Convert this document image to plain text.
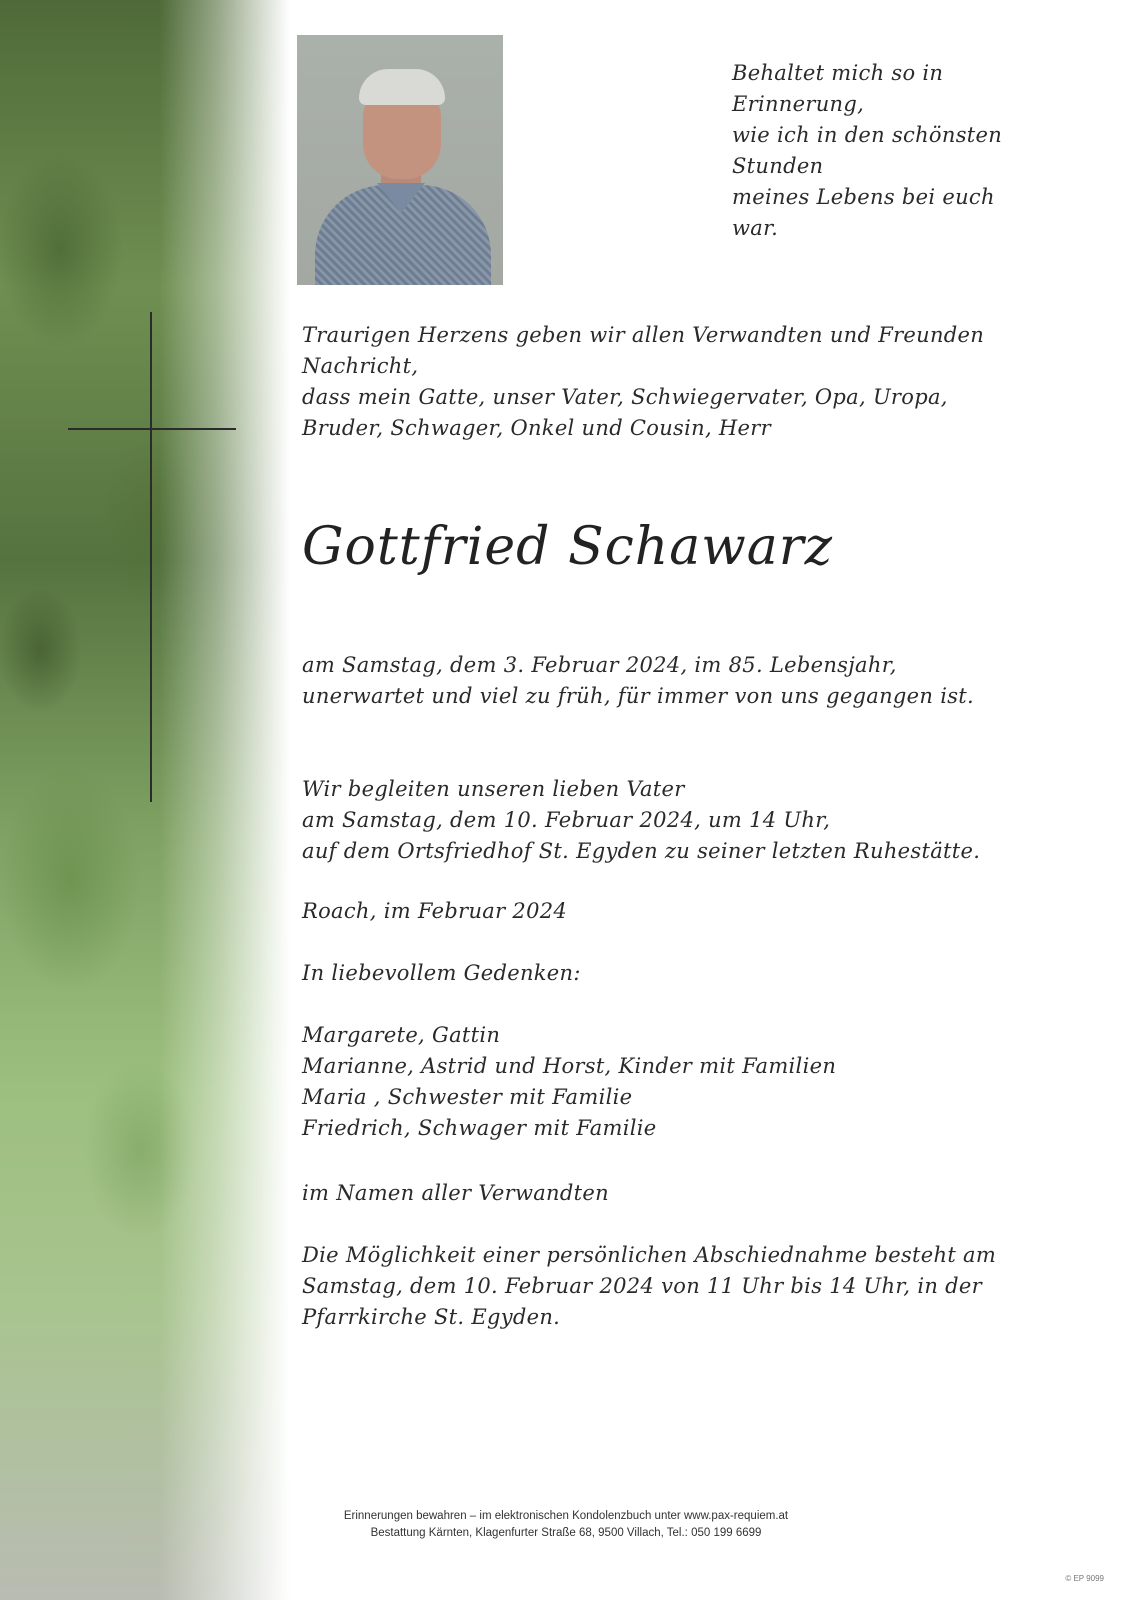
Behaltet mich so in
Erinnerung,
wie ich in den schönsten
Stunden
meines Lebens bei euch
war.
Traurigen Herzens geben wir allen Verwandten und Freunden
Nachricht,
dass mein Gatte, unser Vater, Schwiegervater, Opa, Uropa,
Bruder, Schwager, Onkel und Cousin, Herr
Gottfried Schawarz
am Samstag, dem 3. Februar 2024, im 85. Lebensjahr,
unerwartet und viel zu früh, für immer von uns gegangen ist.
Wir begleiten unseren lieben Vater
am Samstag, dem 10. Februar 2024, um 14 Uhr,
auf dem Ortsfriedhof St. Egyden zu seiner letzten Ruhestätte.
Roach, im Februar 2024
In liebevollem Gedenken:
Margarete, Gattin
Marianne, Astrid und Horst, Kinder mit Familien
Maria , Schwester mit Familie
Friedrich, Schwager mit Familie
im Namen aller Verwandten
Die Möglichkeit einer persönlichen Abschiednahme besteht am
Samstag, dem 10. Februar 2024 von 11 Uhr bis 14 Uhr, in der
Pfarrkirche St. Egyden.
Erinnerungen bewahren – im elektronischen Kondolenzbuch unter www.pax-requiem.at
Bestattung Kärnten, Klagenfurter Straße 68, 9500 Villach, Tel.: 050 199 6699
© EP 9099
